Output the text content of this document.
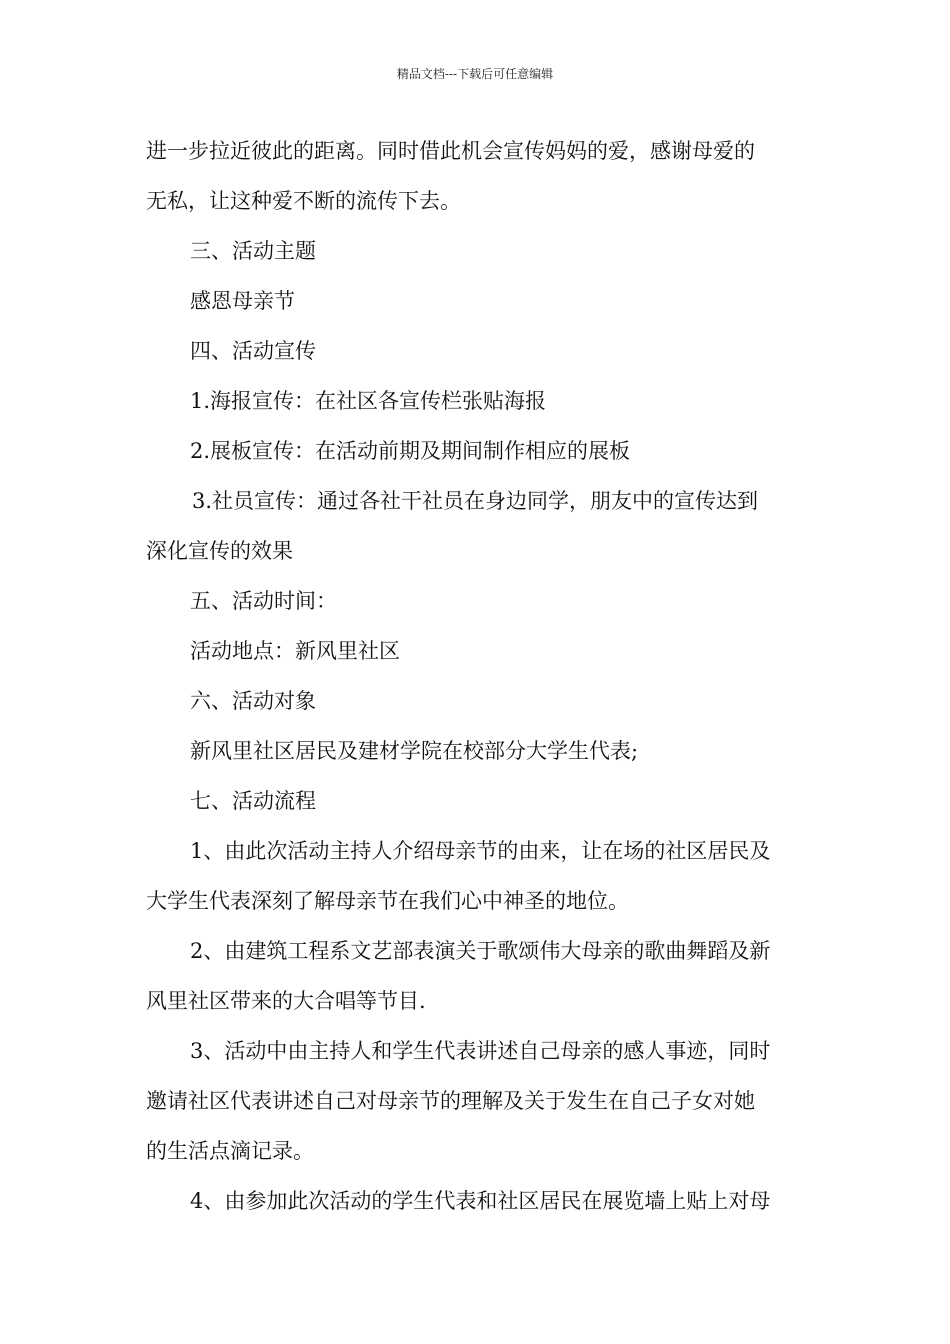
精品文档---下载后可任意编辑
进一步拉近彼此的距离。同时借此机会宣传妈妈的爱，感谢母爱的
无私，让这种爱不断的流传下去。
三、活动主题
感恩母亲节
四、活动宣传
1.海报宣传：在社区各宣传栏张贴海报
2.展板宣传：在活动前期及期间制作相应的展板
3.社员宣传：通过各社干社员在身边同学，朋友中的宣传达到
深化宣传的效果
五、活动时间：
活动地点：新风里社区
六、活动对象
新风里社区居民及建材学院在校部分大学生代表;
七、活动流程
1、由此次活动主持人介绍母亲节的由来，让在场的社区居民及
大学生代表深刻了解母亲节在我们心中神圣的地位。
2、由建筑工程系文艺部表演关于歌颂伟大母亲的歌曲舞蹈及新
风里社区带来的大合唱等节目.
3、活动中由主持人和学生代表讲述自己母亲的感人事迹，同时
邀请社区代表讲述自己对母亲节的理解及关于发生在自己子女对她
的生活点滴记录。
4、由参加此次活动的学生代表和社区居民在展览墙上贴上对母
